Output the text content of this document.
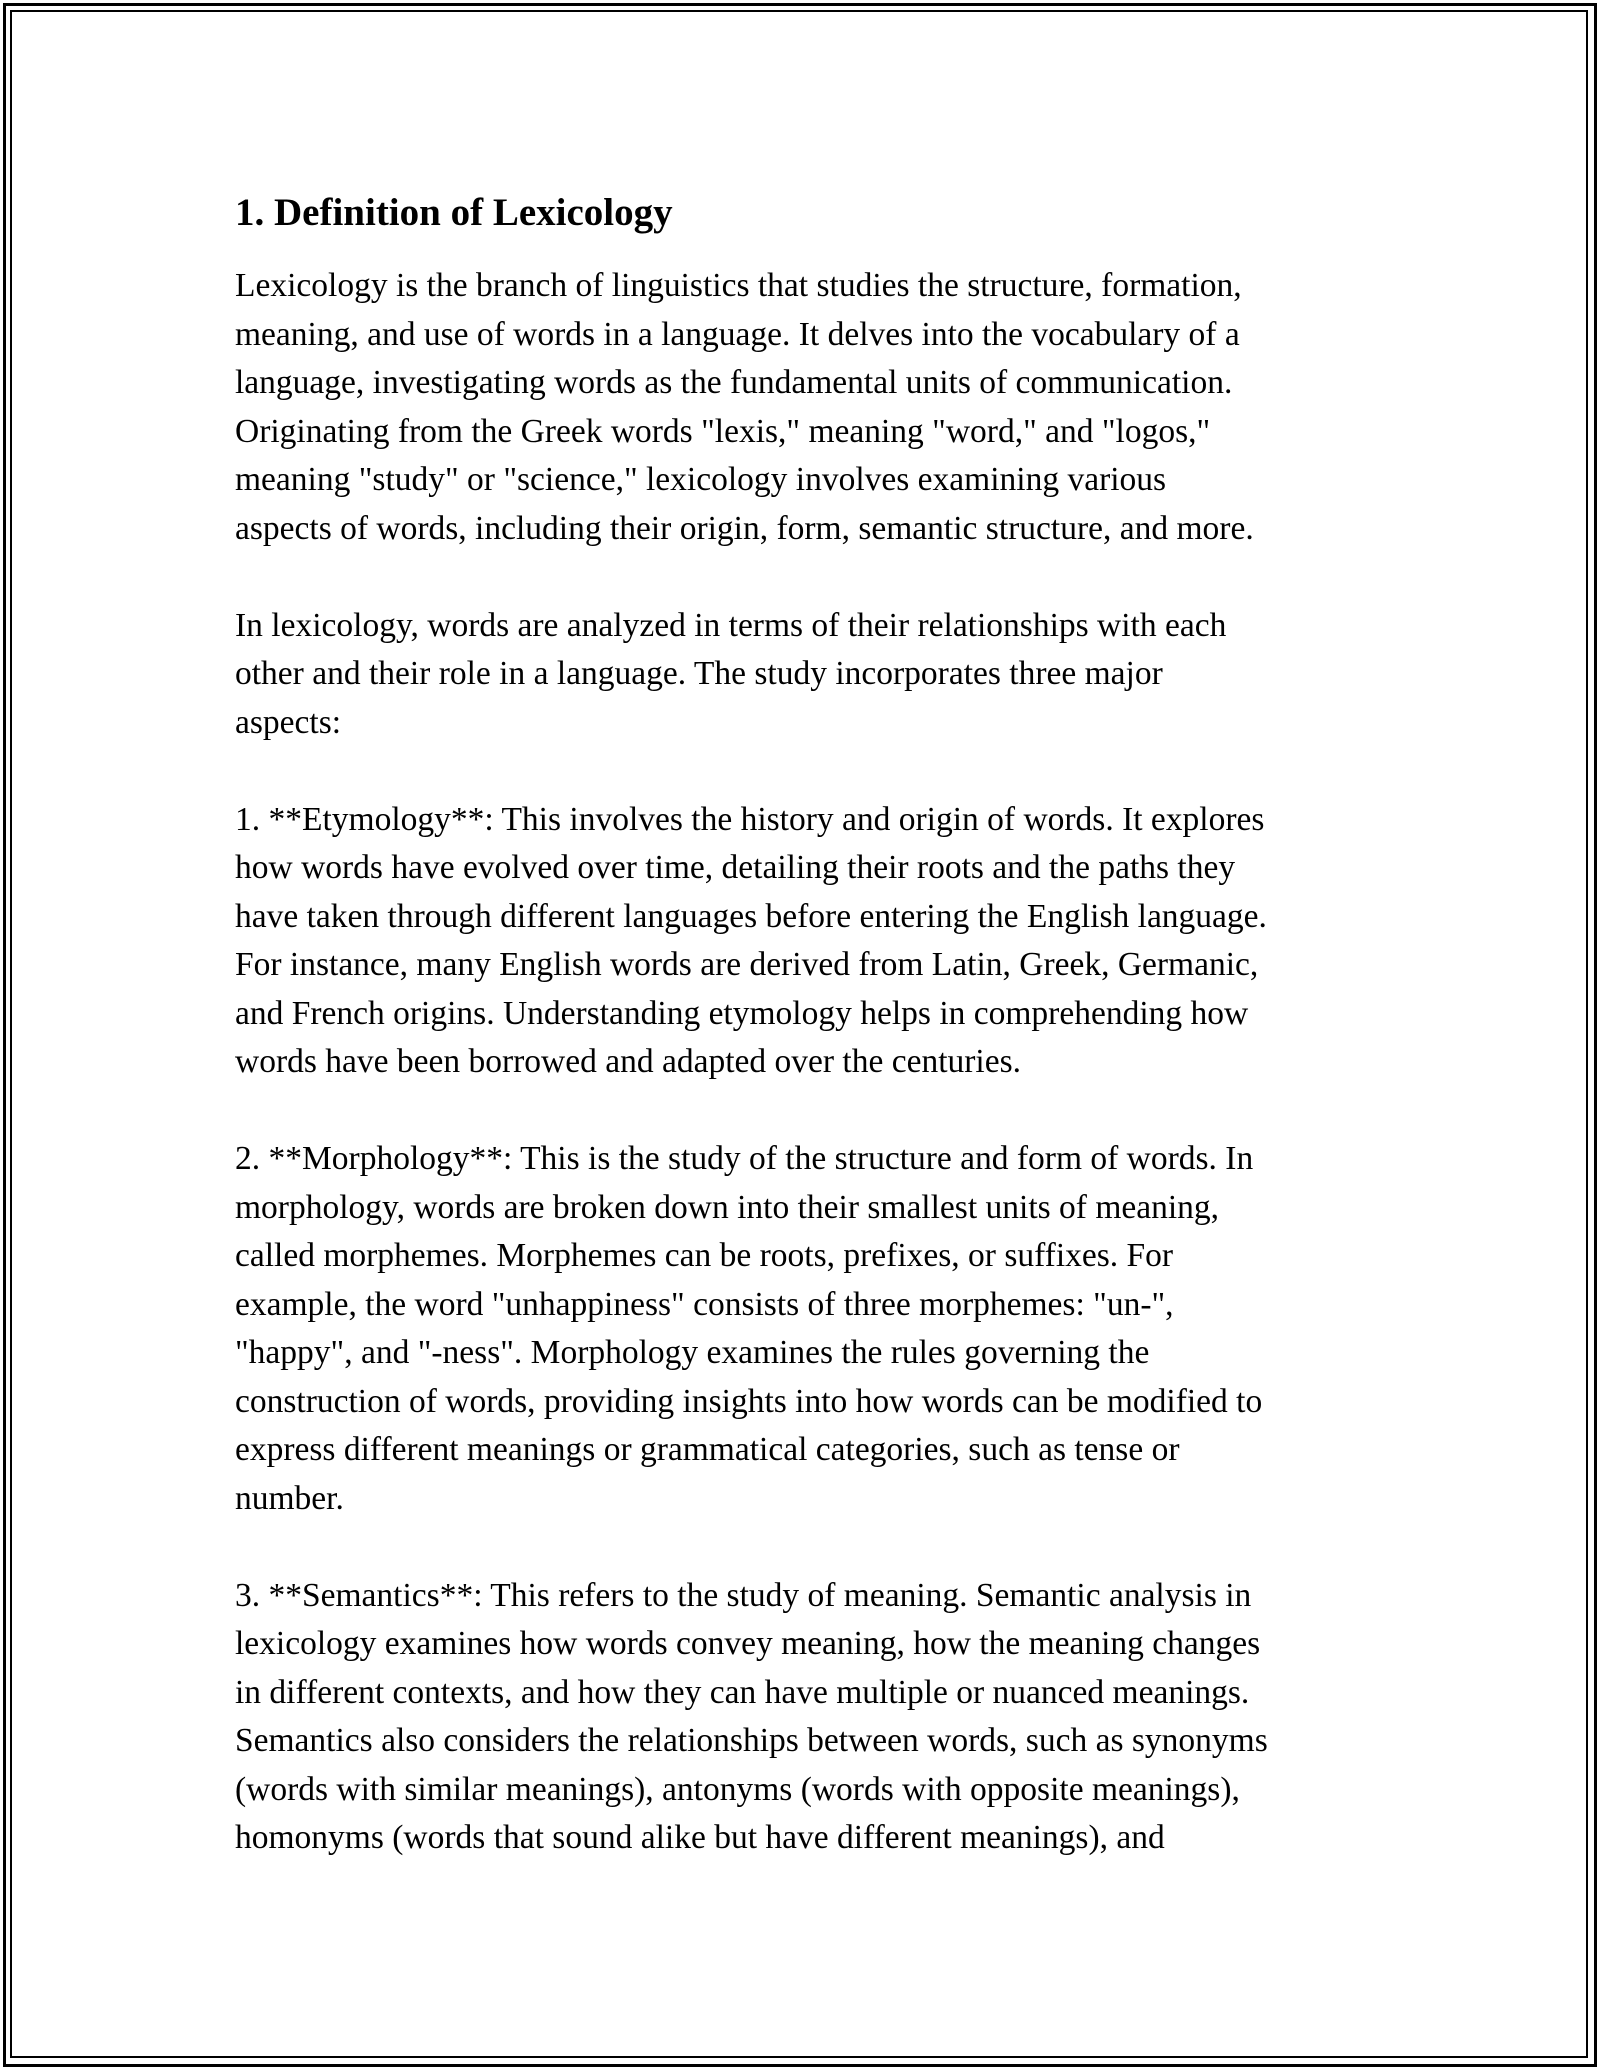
1. Definition of Lexicology
Lexicology is the branch of linguistics that studies the structure, formation,
meaning, and use of words in a language. It delves into the vocabulary of a
language, investigating words as the fundamental units of communication.
Originating from the Greek words "lexis," meaning "word," and "logos,"
meaning "study" or "science," lexicology involves examining various
aspects of words, including their origin, form, semantic structure, and more.
In lexicology, words are analyzed in terms of their relationships with each
other and their role in a language. The study incorporates three major
aspects:
1. **Etymology**: This involves the history and origin of words. It explores
how words have evolved over time, detailing their roots and the paths they
have taken through different languages before entering the English language.
For instance, many English words are derived from Latin, Greek, Germanic,
and French origins. Understanding etymology helps in comprehending how
words have been borrowed and adapted over the centuries.
2. **Morphology**: This is the study of the structure and form of words. In
morphology, words are broken down into their smallest units of meaning,
called morphemes. Morphemes can be roots, prefixes, or suffixes. For
example, the word "unhappiness" consists of three morphemes: "un-",
"happy", and "-ness". Morphology examines the rules governing the
construction of words, providing insights into how words can be modified to
express different meanings or grammatical categories, such as tense or
number.
3. **Semantics**: This refers to the study of meaning. Semantic analysis in
lexicology examines how words convey meaning, how the meaning changes
in different contexts, and how they can have multiple or nuanced meanings.
Semantics also considers the relationships between words, such as synonyms
(words with similar meanings), antonyms (words with opposite meanings),
homonyms (words that sound alike but have different meanings), and
